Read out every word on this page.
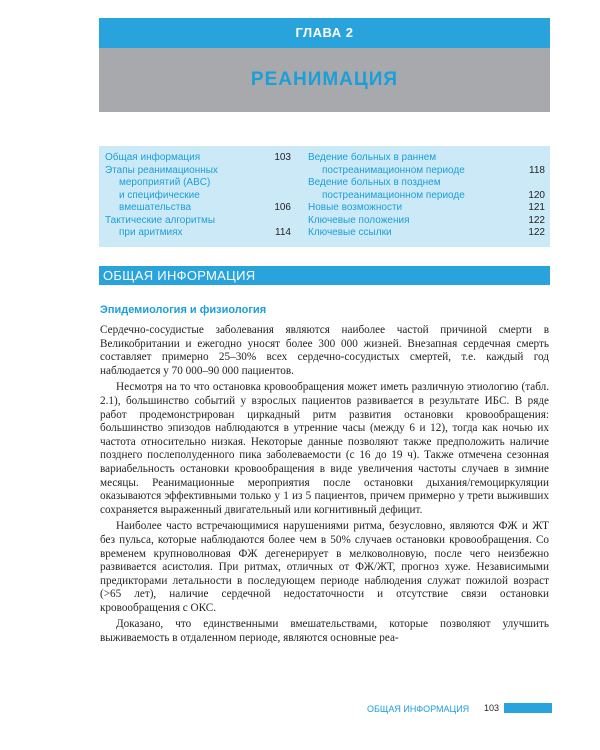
ГЛАВА 2
РЕАНИМАЦИЯ
Общая информация	103
Этапы реанимационных
мероприятий (ABC)
и специфические
вмешательства	106
Тактические алгоритмы
при аритмиях	114
Ведение больных в раннем
постреанимационном периоде	118
Ведение больных в позднем
постреанимационном периоде	120
Новые возможности	121
Ключевые положения	122
Ключевые ссылки	122
ОБЩАЯ ИНФОРМАЦИЯ
Эпидемиология и физиология

Сердечно-сосудистые заболевания являются наиболее частой причиной смерти в Великобритании и ежегодно уносят более 300 000 жизней. Внезапная сердечная смерть составляет примерно 25–30% всех сердечно-сосудистых смертей, т.е. каждый год наблюдается у 70 000–90 000 пациентов.

Несмотря на то что остановка кровообращения может иметь различную этиологию (табл. 2.1), большинство событий у взрослых пациентов развивается в результате ИБС. В ряде работ продемонстрирован циркадный ритм развития остановки кровообращения: большинство эпизодов наблюдаются в утренние часы (между 6 и 12), тогда как ночью их частота относительно низкая. Некоторые данные позволяют также предположить наличие позднего послеполуденного пика заболеваемости (с 16 до 19 ч). Также отмечена сезонная вариабельность остановки кровообращения в виде увеличения частоты случаев в зимние месяцы. Реанимационные мероприятия после остановки дыхания/гемоциркуляции оказываются эффективными только у 1 из 5 пациентов, причем примерно у трети выживших сохраняется выраженный двигательный или когнитивный дефицит.

Наиболее часто встречающимися нарушениями ритма, безусловно, являются ФЖ и ЖТ без пульса, которые наблюдаются более чем в 50% случаев остановки кровообращения. Со временем крупноволновая ФЖ дегенерирует в мелковолновую, после чего неизбежно развивается асистолия. При ритмах, отличных от ФЖ/ЖТ, прогноз хуже. Независимыми предикторами летальности в последующем периоде наблюдения служат пожилой возраст (>65 лет), наличие сердечной недостаточности и отсутствие связи остановки кровообращения с ОКС.

Доказано, что единственными вмешательствами, которые позволяют улучшить выживаемость в отдаленном периоде, являются основные реа-

ОБЩАЯ ИНФОРМАЦИЯ 103
